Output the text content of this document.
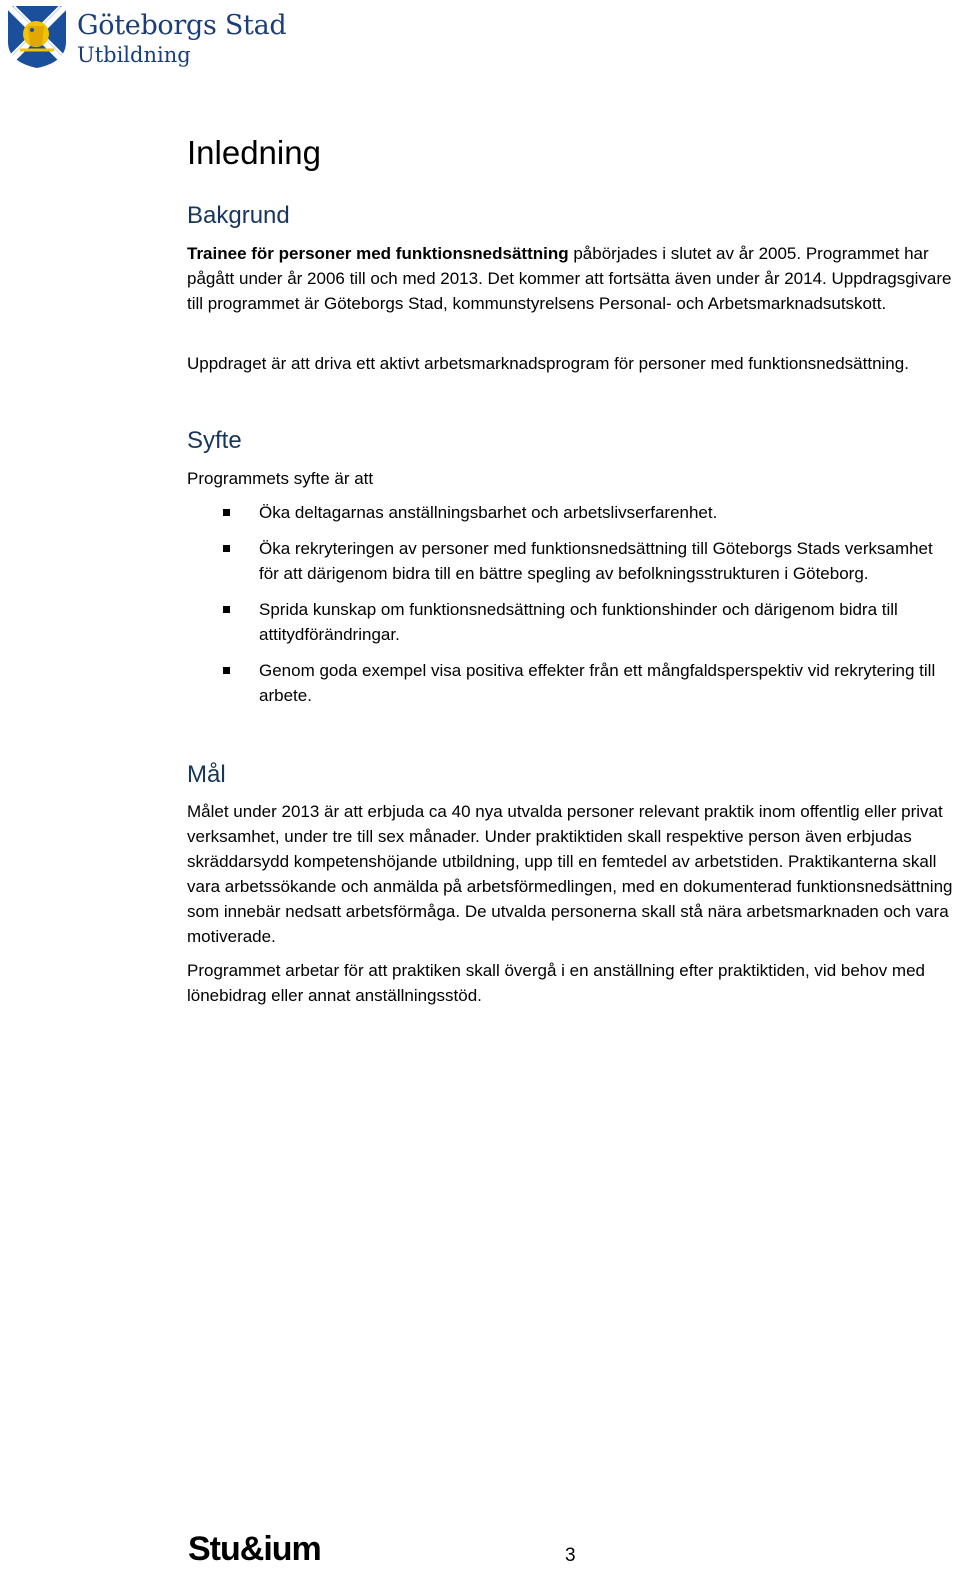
Göteborgs Stad
Utbildning
Inledning
Bakgrund

Trainee för personer med funktionsnedsättning påbörjades i slutet av år 2005. Programmet har pågått under år 2006 till och med 2013. Det kommer att fortsätta även under år 2014. Uppdragsgivare till programmet är Göteborgs Stad, kommunstyrelsens Personal- och Arbetsmarknadsutskott.

Uppdraget är att driva ett aktivt arbetsmarknadsprogram för personer med funktionsnedsättning.

Syfte

Programmets syfte är att

Öka deltagarnas anställningsbarhet och arbetslivserfarenhet.
Öka rekryteringen av personer med funktionsnedsättning till Göteborgs Stads verksamhet för att därigenom bidra till en bättre spegling av befolkningsstrukturen i Göteborg.
Sprida kunskap om funktionsnedsättning och funktionshinder och därigenom bidra till attitydförändringar.
Genom goda exempel visa positiva effekter från ett mångfaldsperspektiv vid rekrytering till arbete.
Mål

Målet under 2013 är att erbjuda ca 40 nya utvalda personer relevant praktik inom offentlig eller privat verksamhet, under tre till sex månader. Under praktiktiden skall respektive person även erbjudas skräddarsydd kompetenshöjande utbildning, upp till en femtedel av arbetstiden. Praktikanterna skall vara arbetssökande och anmälda på arbetsförmedlingen, med en dokumenterad funktionsnedsättning som innebär nedsatt arbetsförmåga. De utvalda personerna skall stå nära arbetsmarknaden och vara motiverade.

Programmet arbetar för att praktiken skall övergå i en anställning efter praktiktiden, vid behov med lönebidrag eller annat anställningsstöd.

Stu&ium	3
